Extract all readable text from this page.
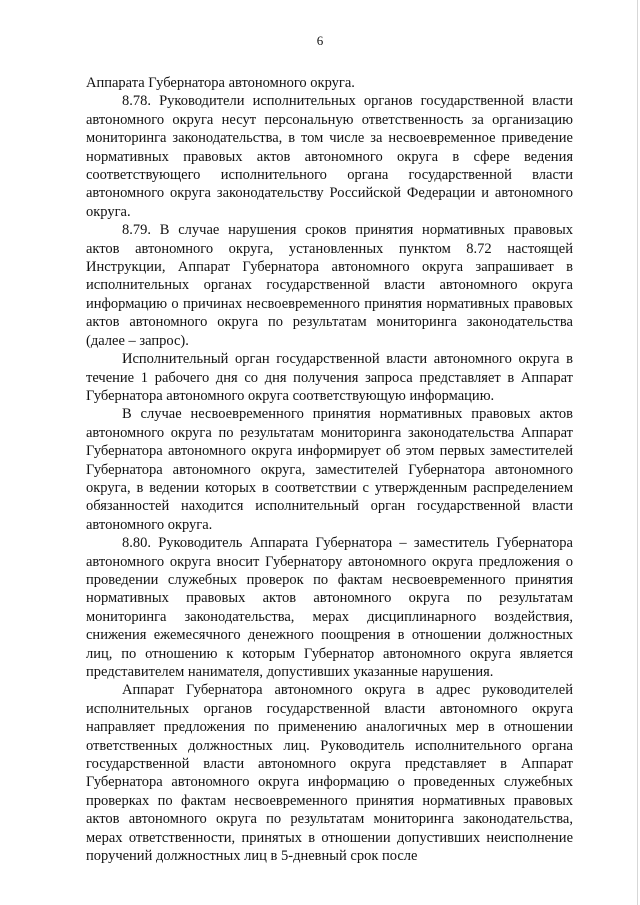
6

Аппарата Губернатора автономного округа.

8.78. Руководители исполнительных органов государственной власти автономного округа несут персональную ответственность за организацию мониторинга законодательства, в том числе за несвоевременное приведение нормативных правовых актов автономного округа в сфере ведения соответствующего исполнительного органа государственной власти автономного округа законодательству Российской Федерации и автономного округа.

8.79. В случае нарушения сроков принятия нормативных правовых актов автономного округа, установленных пунктом 8.72 настоящей Инструкции, Аппарат Губернатора автономного округа запрашивает в исполнительных органах государственной власти автономного округа информацию о причинах несвоевременного принятия нормативных правовых актов автономного округа по результатам мониторинга законодательства (далее – запрос).

Исполнительный орган государственной власти автономного округа в течение 1 рабочего дня со дня получения запроса представляет в Аппарат Губернатора автономного округа соответствующую информацию.

В случае несвоевременного принятия нормативных правовых актов автономного округа по результатам мониторинга законодательства Аппарат Губернатора автономного округа информирует об этом первых заместителей Губернатора автономного округа, заместителей Губернатора автономного округа, в ведении которых в соответствии с утвержденным распределением обязанностей находится исполнительный орган государственной власти автономного округа.

8.80. Руководитель Аппарата Губернатора – заместитель Губернатора автономного округа вносит Губернатору автономного округа предложения о проведении служебных проверок по фактам несвоевременного принятия нормативных правовых актов автономного округа по результатам мониторинга законодательства, мерах дисциплинарного воздействия, снижения ежемесячного денежного поощрения в отношении должностных лиц, по отношению к которым Губернатор автономного округа является представителем нанимателя, допустивших указанные нарушения.

Аппарат Губернатора автономного округа в адрес руководителей исполнительных органов государственной власти автономного округа направляет предложения по применению аналогичных мер в отношении ответственных должностных лиц. Руководитель исполнительного органа государственной власти автономного округа представляет в Аппарат Губернатора автономного округа информацию о проведенных служебных проверках по фактам несвоевременного принятия нормативных правовых актов автономного округа по результатам мониторинга законодательства, мерах ответственности, принятых в отношении допустивших неисполнение поручений должностных лиц в 5-дневный срок после
